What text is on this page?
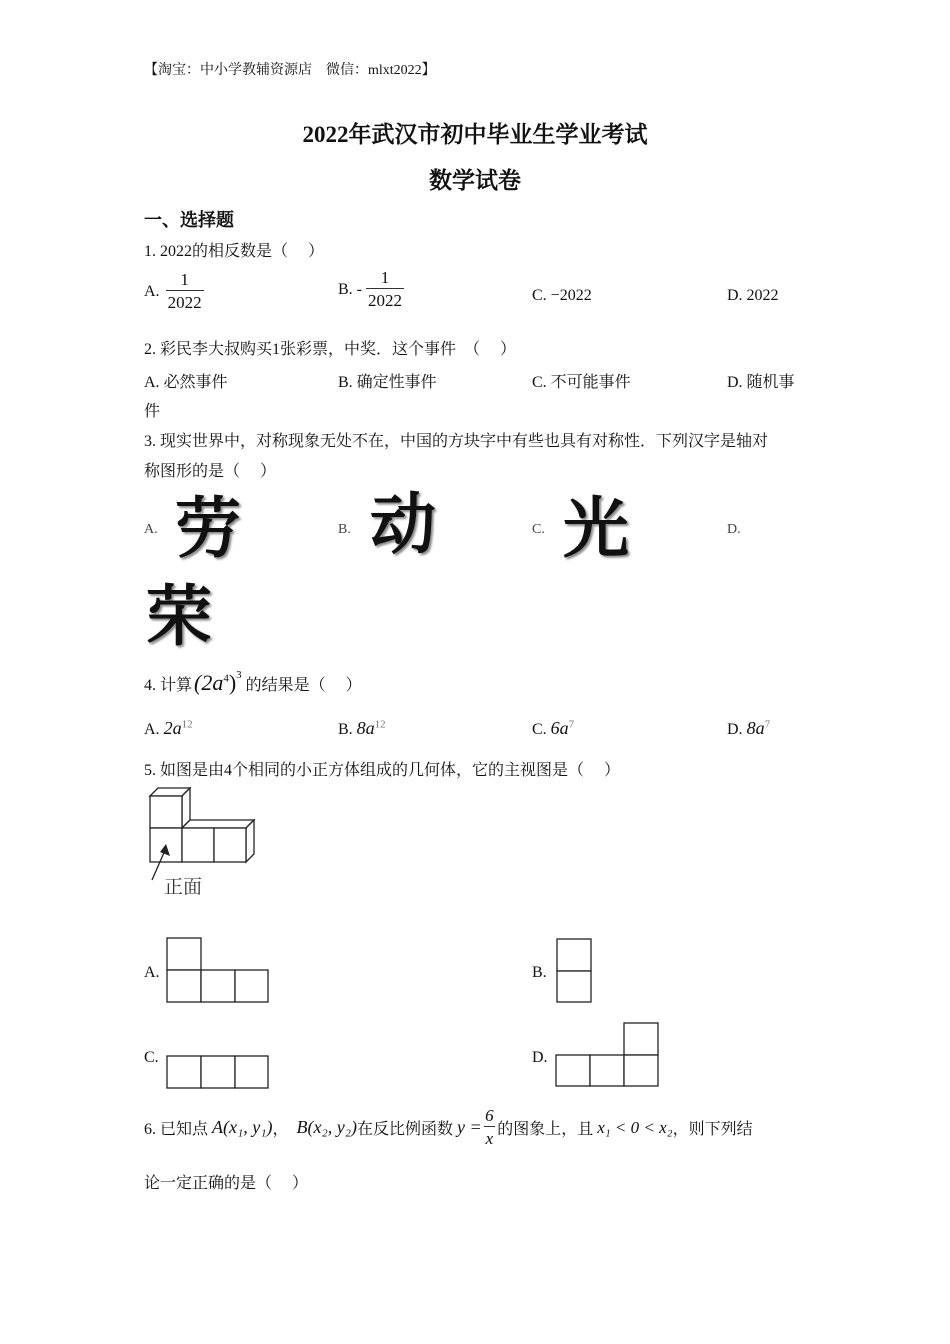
【淘宝：中小学教辅资源店　微信：mlxt2022】
2022年武汉市初中毕业生学业考试
数学试卷
一、选择题
1. 2022的相反数是（　 ）
A. $\frac{1}{2022}$	B. - $\frac{1}{2022}$	C. −2022	D. 2022
2. 彩民李大叔购买1张彩票，中奖．这个事件　（　 ）
A. 必然事件	B. 确定性事件	C. 不可能事件	D. 随机事
件
3. 现实世界中，对称现象无处不在，中国的方块字中有些也具有对称性．下列汉字是轴对
称图形的是（　 ）
A. 劳	B. 动	C. 光	D.
荣
4. 计算 $(2a^4)^3$
的结果是（　 ）
A. $2a^{12}$	B. $8a^{12}$	C. $6a^7$	D. $8a^7$
5. 如图是由4个相同的小正方体组成的几何体，它的主视图是（　 ）
正面
A.	B.
C.	D.
6. 已知点 A(x₁, y₁) ， B(x₂, y₂) 在反比例函数 $y = \frac{6}{x}$ 的图象上，且 x₁ < 0 < x₂ ，则下列结
论一定正确的是（　 ）
